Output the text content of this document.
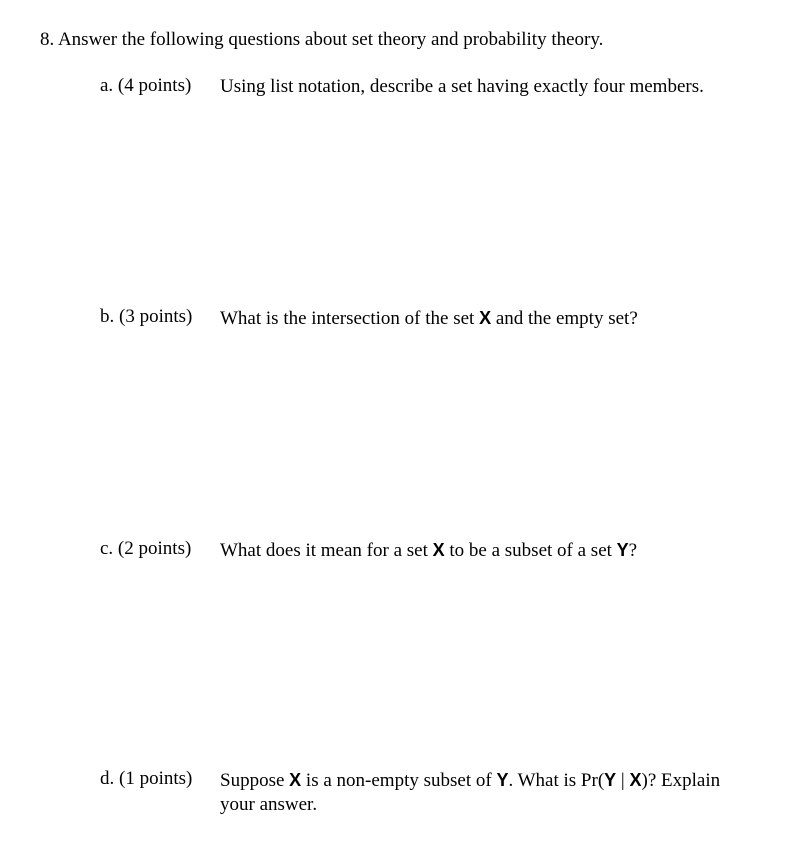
8. Answer the following questions about set theory and probability theory.
a. (4 points) Using list notation, describe a set having exactly four members.
b. (3 points) What is the intersection of the set X and the empty set?
c. (2 points) What does it mean for a set X to be a subset of a set Y?
d. (1 points) Suppose X is a non-empty subset of Y. What is Pr(Y | X)? Explain
your answer.
